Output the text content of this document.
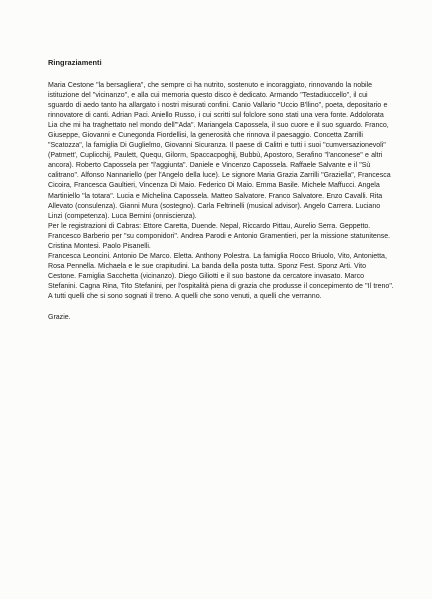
Ringraziamenti

Maria Cestone "la bersagliera", che sempre ci ha nutrito, sostenuto e incoraggiato, rinnovando la nobile istituzione del "vicinanzo", e alla cui memoria questo disco è dedicato. Armando "Testadiuccello", il cui sguardo di aedo tanto ha allargato i nostri misurati confini. Canio Vallario "Uccio B'llino", poeta, depositario e rinnovatore di canti. Adrian Paci. Aniello Russo, i cui scritti sul folclore sono stati una vera fonte. Addolorata Lia che mi ha traghettato nel mondo dell'"Ada". Mariangela Capossela, il suo cuore e il suo sguardo. Franco, Giuseppe, Giovanni e Cunegonda Fiordellisi, la generosità che rinnova il paesaggio. Concetta Zarrilli "Scatozza", la famiglia Di Guglielmo, Giovanni Sicuranza. Il paese di Calitri e tutti i suoi "cumversazionevoli" (Patmett', Cuplicchij, Paulett, Quequ, Gilorm, Spaccacpoghij, Bubbù, Apostoro, Serafino "l'anconese" e altri ancora). Roberto Capossela per "l'aggiunta". Daniele e Vincenzo Capossela. Raffaele Salvante e il "Sù calitrano". Alfonso Nannariello (per l'Angelo della luce). Le signore Maria Grazia Zarrilli "Graziella", Francesca Cicoira, Francesca Gaultieri, Vincenza Di Maio. Federico Di Maio. Emma Basile. Michele Maffucci. Angela Martiniello "la totara". Lucia e Michelina Capossela. Matteo Salvatore. Franco Salvatore. Enzo Cavalli. Rita Allevato (consulenza). Gianni Mura (sostegno). Carla Feltrinelli (musical advisor). Angelo Carrera. Luciano Linzi (competenza). Luca Bernini (onniscienza).

Per le registrazioni di Cabras: Ettore Caretta, Duende. Nepal, Riccardo Pittau, Aurelio Serra. Geppetto. Francesco Barberio per "su componidori". Andrea Parodi e Antonio Gramentieri, per la missione statunitense. Cristina Montesi. Paolo Pisanelli.

Francesca Leoncini. Antonio De Marco. Eletta. Anthony Polestra. La famiglia Rocco Briuolo, Vito, Antonietta, Rosa Pennella. Michaela e le sue crapitudini. La banda della posta tutta. Sponz Fest. Sponz Arti. Vito Cestone. Famiglia Sacchetta (vicinanzo). Diego Giliotti e il suo bastone da cercatore invasato. Marco Stefanini. Cagna Rina, Tito Stefanini, per l'ospitalità piena di grazia che produsse il concepimento de "Il treno".

A tutti quelli che si sono sognati il treno. A quelli che sono venuti, a quelli che verranno.

Grazie.
